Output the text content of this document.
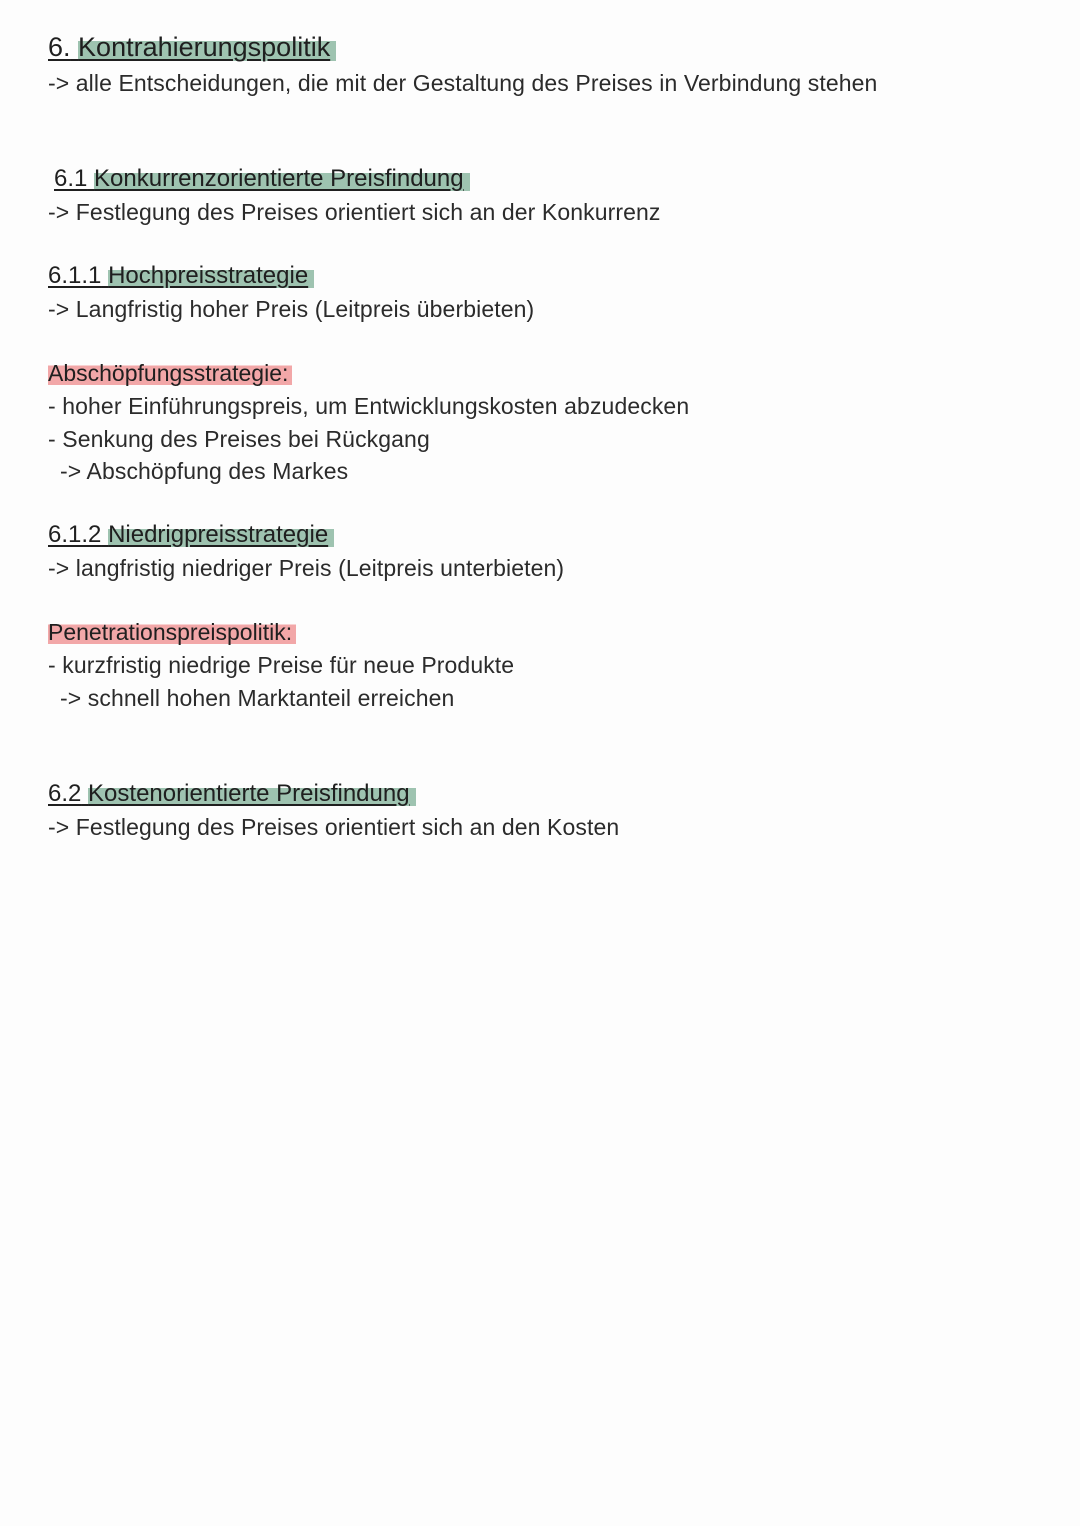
6. Kontrahierungspolitik
-> alle Entscheidungen, die mit der Gestaltung des Preises in Verbindung stehen
6.1 Konkurrenzorientierte Preisfindung
-> Festlegung des Preises orientiert sich an der Konkurrenz
6.1.1 Hochpreisstrategie
-> Langfristig hoher Preis (Leitpreis überbieten)
Abschöpfungsstrategie:
- hoher Einführungspreis, um Entwicklungskosten abzudecken
- Senkung des Preises bei Rückgang
-> Abschöpfung des Markes
6.1.2 Niedrigpreisstrategie
-> langfristig niedriger Preis (Leitpreis unterbieten)
Penetrationspreispolitik:
- kurzfristig niedrige Preise für neue Produkte
-> schnell hohen Marktanteil erreichen
6.2 Kostenorientierte Preisfindung
-> Festlegung des Preises orientiert sich an den Kosten
